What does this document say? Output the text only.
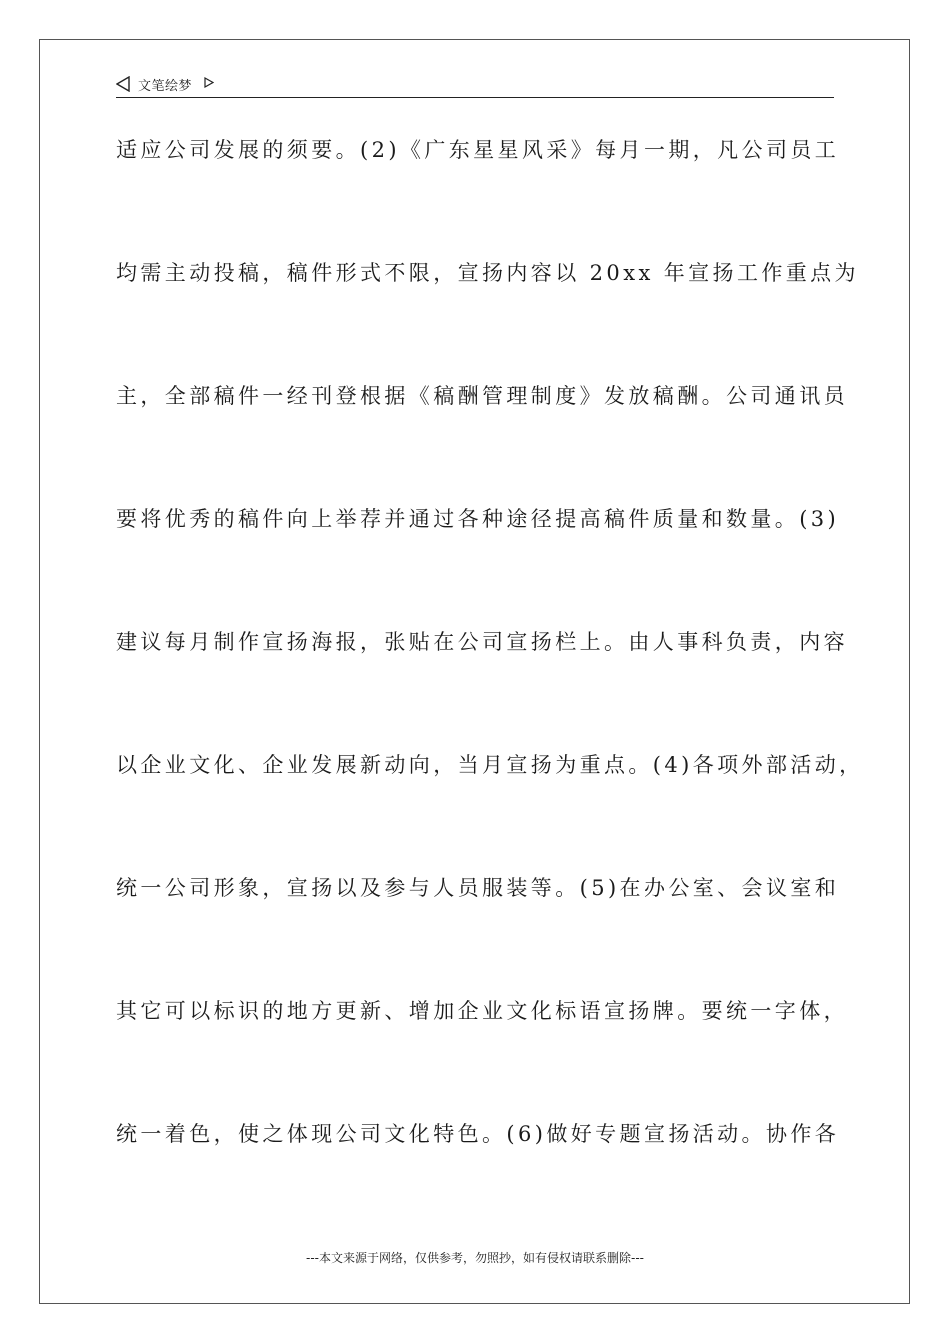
文笔绘梦
适应公司发展的须要。(2)《广东星星风采》每月一期，凡公司员工
均需主动投稿，稿件形式不限，宣扬内容以 20xx 年宣扬工作重点为
主，全部稿件一经刊登根据《稿酬管理制度》发放稿酬。公司通讯员
要将优秀的稿件向上举荐并通过各种途径提高稿件质量和数量。(3)
建议每月制作宣扬海报，张贴在公司宣扬栏上。由人事科负责，内容
以企业文化、企业发展新动向，当月宣扬为重点。(4)各项外部活动，
统一公司形象，宣扬以及参与人员服装等。(5)在办公室、会议室和
其它可以标识的地方更新、增加企业文化标语宣扬牌。要统一字体，
统一着色，使之体现公司文化特色。(6)做好专题宣扬活动。协作各
---本文来源于网络，仅供参考，勿照抄，如有侵权请联系删除---
